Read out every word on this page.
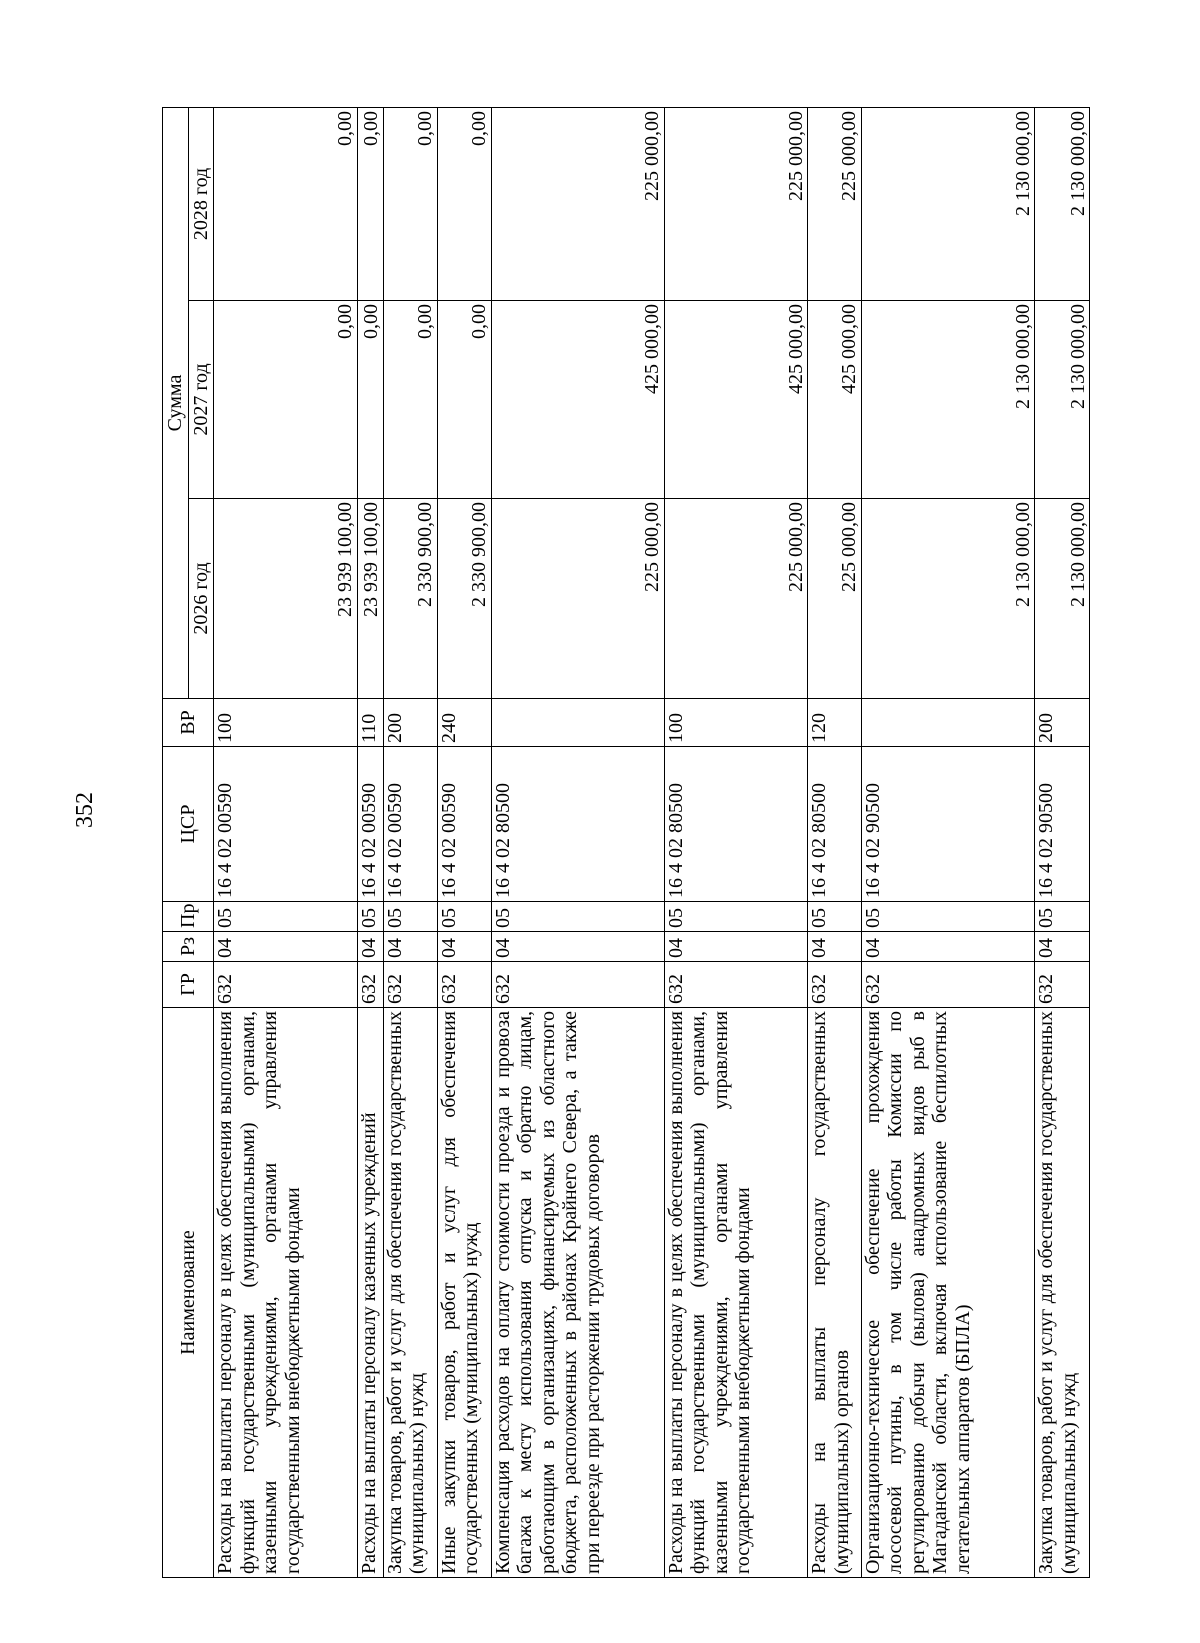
352
Наименование	ГР	Рз	Пр	ЦСР	ВР	Сумма		
						2026 год	2027 год	2028 год
Расходы на выплаты персоналу в целях обеспечения выполнения функций государственными (муниципальными) органами, казенными учреждениями, органами управления государственными внебюджетными фондами	632	04	05	16 4 02 00590	100	23 939 100,00	0,00	0,00
Расходы на выплаты персоналу казенных учреждений	632	04	05	16 4 02 00590	110	23 939 100,00	0,00	0,00
Закупка товаров, работ и услуг для обеспечения государственных (муниципальных) нужд	632	04	05	16 4 02 00590	200	2 330 900,00	0,00	0,00
Иные закупки товаров, работ и услуг для обеспечения государственных (муниципальных) нужд	632	04	05	16 4 02 00590	240	2 330 900,00	0,00	0,00
Компенсация расходов на оплату стоимости проезда и провоза багажа к месту использования отпуска и обратно лицам, работающим в организациях, финансируемых из областного бюджета, расположенных в районах Крайнего Севера, а также при переезде при расторжении трудовых договоров	632	04	05	16 4 02 80500		225 000,00	425 000,00	225 000,00
Расходы на выплаты персоналу в целях обеспечения выполнения функций государственными (муниципальными) органами, казенными учреждениями, органами управления государственными внебюджетными фондами	632	04	05	16 4 02 80500	100	225 000,00	425 000,00	225 000,00
Расходы на выплаты персоналу государственных (муниципальных) органов	632	04	05	16 4 02 80500	120	225 000,00	425 000,00	225 000,00
Организационно-техническое обеспечение прохождения лососевой путины, в том числе работы Комиссии по регулированию добычи (вылова) анадромных видов рыб в Магаданской области, включая использование беспилотных летательных аппаратов (БПЛА)	632	04	05	16 4 02 90500		2 130 000,00	2 130 000,00	2 130 000,00
Закупка товаров, работ и услуг для обеспечения государственных (муниципальных) нужд	632	04	05	16 4 02 90500	200	2 130 000,00	2 130 000,00	2 130 000,00
